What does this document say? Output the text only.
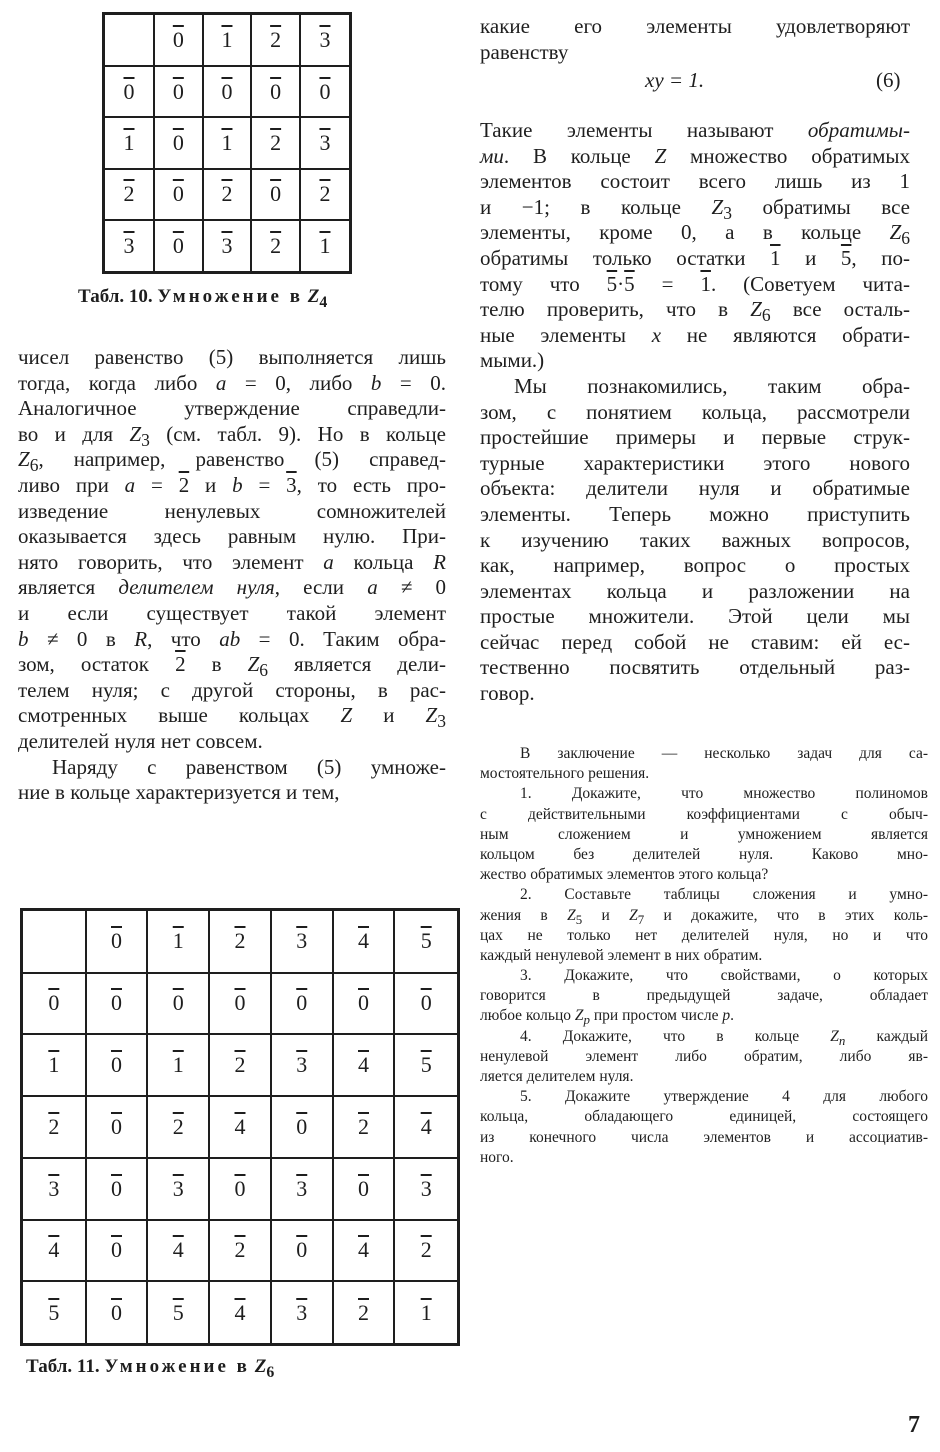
	0	1	2	3
0	0	0	0	0
1	0	1	2	3
2	0	2	0	2
3	0	3	2	1
Табл. 10. Умножение в $Z_4$

чисел равенство (5) выполняется лишь

тогда, когда либо a = 0, либо b = 0.

Аналогичное утверждение справедли-

во и для $Z_3$ (см. табл. 9). Но в кольце

$Z_6$, например, равенство (5) справед-

ливо при a = 2 и b = 3, то есть про-

изведение ненулевых сомножителей

оказывается здесь равным нулю. При-

нято говорить, что элемент a кольца R

является делителем нуля, если a ≠ 0

и если существует такой элемент

b ≠ 0 в R, что ab = 0. Таким обра-

зом, остаток 2 в $Z_6$ является дели-

телем нуля; с другой стороны, в рас-

смотренных выше кольцах Z и $Z_3$

делителей нуля нет совсем.

Наряду с равенством (5) умноже-

ние в кольце характеризуется и тем,

	0	1	2	3	4	5
0	0	0	0	0	0	0
1	0	1	2	3	4	5
2	0	2	4	0	2	4
3	0	3	0	3	0	3
4	0	4	2	0	4	2
5	0	5	4	3	2	1
Табл. 11. Умножение в $Z_6$

какие его элементы удовлетворяют

равенству

xy = 1.	(6)

Такие элементы называют обратимы-

ми. В кольце Z множество обратимых

элементов состоит всего лишь из 1

и −1; в кольце $Z_3$ обратимы все

элементы, кроме 0, а в кольце $Z_6$

обратимы только остатки 1 и 5, по-

тому что 5·5 = 1. (Советуем чита-

телю проверить, что в $Z_6$ все осталь-

ные элементы x не являются обрати-

мыми.)

Мы познакомились, таким обра-

зом, с понятием кольца, рассмотрели

простейшие примеры и первые струк-

турные характеристики этого нового

объекта: делители нуля и обратимые

элементы. Теперь можно приступить

к изучению таких важных вопросов,

как, например, вопрос о простых

элементах кольца и разложении на

простые множители. Этой цели мы

сейчас перед собой не ставим: ей ес-

тественно посвятить отдельный раз-

говор.

В заключение — несколько задач для са-

мостоятельного решения.

1. Докажите, что множество полиномов

с действительными коэффициентами с обыч-

ным сложением и умножением является

кольцом без делителей нуля. Каково мно-

жество обратимых элементов этого кольца?

2. Составьте таблицы сложения и умно-

жения в $Z_5$ и $Z_7$ и докажите, что в этих коль-

цах не только нет делителей нуля, но и что

каждый ненулевой элемент в них обратим.

3. Докажите, что свойствами, о которых

говорится в предыдущей задаче, обладает

любое кольцо $Z_p$ при простом числе p.

4. Докажите, что в кольце $Z_n$ каждый

ненулевой элемент либо обратим, либо яв-

ляется делителем нуля.

5. Докажите утверждение 4 для любого

кольца, обладающего единицей, состоящего

из конечного числа элементов и ассоциатив-

ного.

7
